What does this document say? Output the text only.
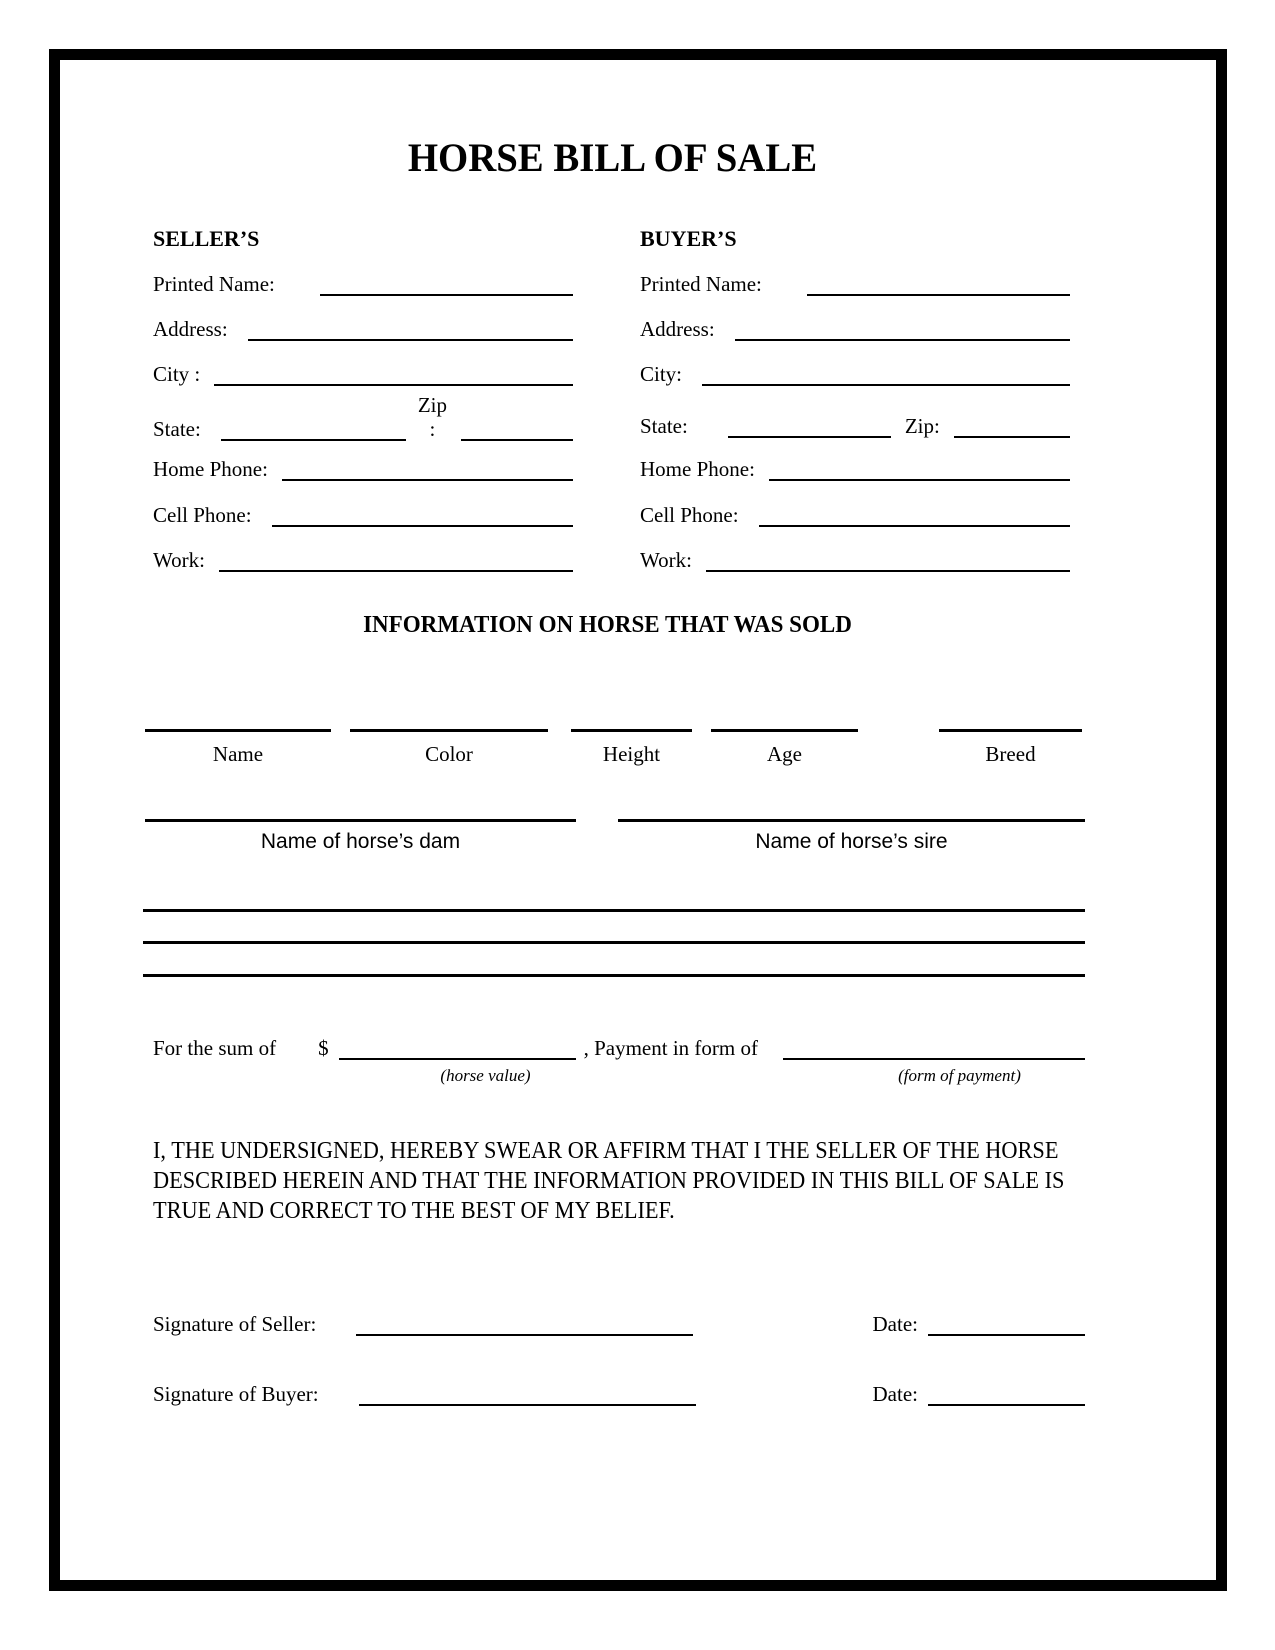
HORSE BILL OF SALE
SELLER’S
Printed Name:
Address:
City :
State:
Zip
:
Home Phone:
Cell Phone:
Work:
BUYER’S
Printed Name:
Address:
City:
State:	Zip:
Home Phone:
Cell Phone:
Work:
INFORMATION ON HORSE THAT WAS SOLD
Name	Color	Height	Age	Breed
Name of horse’s dam	Name of horse’s sire
For the sum of $	, Payment in form of
(horse value)	(form of payment)
I, THE UNDERSIGNED, HEREBY SWEAR OR AFFIRM THAT I THE SELLER OF THE HORSE
DESCRIBED HEREIN AND THAT THE INFORMATION PROVIDED IN THIS BILL OF SALE IS
TRUE AND CORRECT TO THE BEST OF MY BELIEF.
Signature of Seller:	Date:
Signature of Buyer:	Date:
